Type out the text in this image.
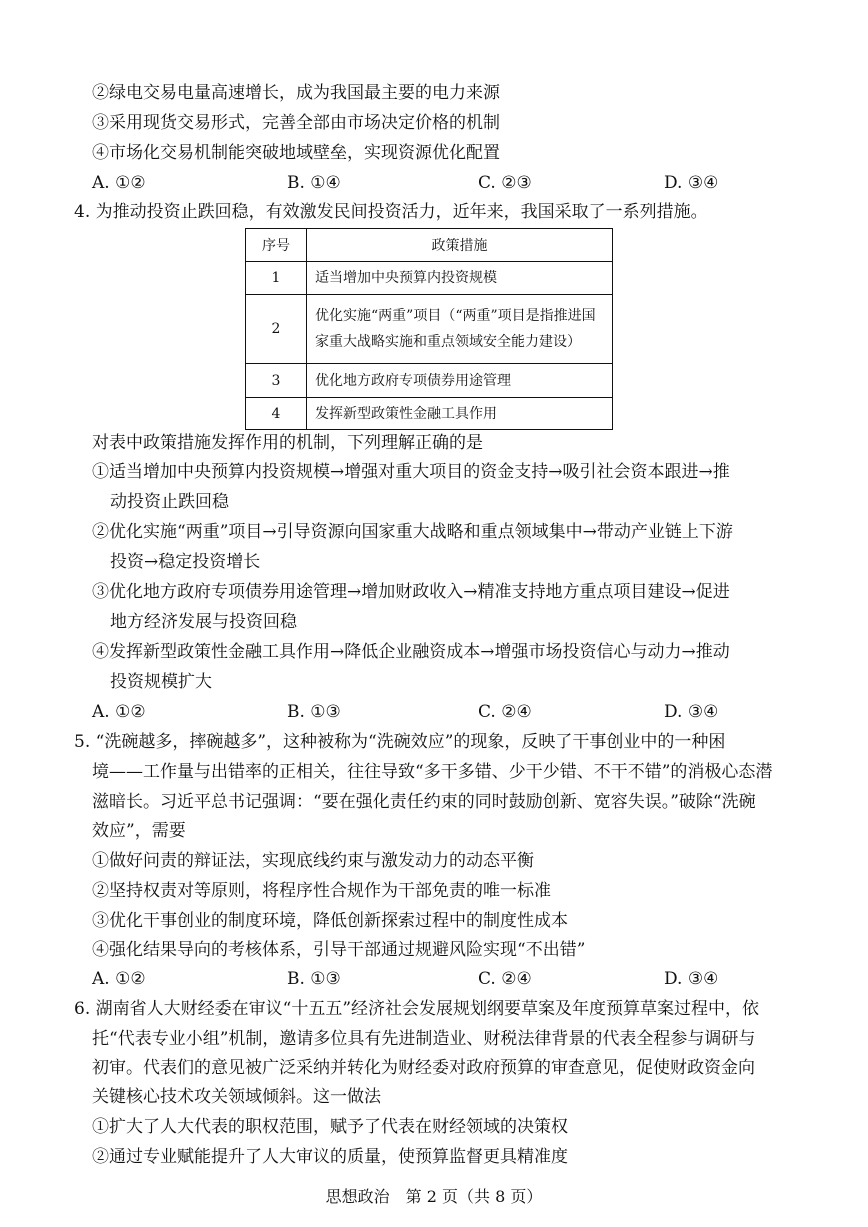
②绿电交易电量高速增长，成为我国最主要的电力来源
③采用现货交易形式，完善全部由市场决定价格的机制
④市场化交易机制能突破地域壁垒，实现资源优化配置
A. ①②	B. ①④	C. ②③	D. ③④
4. 为推动投资止跌回稳，有效激发民间投资活力，近年来，我国采取了一系列措施。
序号	政策措施
1	适当增加中央预算内投资规模
2	优化实施“两重”项目（“两重”项目是指推进国
家重大战略实施和重点领域安全能力建设）

3	优化地方政府专项债券用途管理
4	发挥新型政策性金融工具作用
对表中政策措施发挥作用的机制，下列理解正确的是
①适当增加中央预算内投资规模→增强对重大项目的资金支持→吸引社会资本跟进→推
动投资止跌回稳
②优化实施“两重”项目→引导资源向国家重大战略和重点领域集中→带动产业链上下游
投资→稳定投资增长
③优化地方政府专项债券用途管理→增加财政收入→精准支持地方重点项目建设→促进
地方经济发展与投资回稳
④发挥新型政策性金融工具作用→降低企业融资成本→增强市场投资信心与动力→推动
投资规模扩大
A. ①②	B. ①③	C. ②④	D. ③④
5. “洗碗越多，摔碗越多”，这种被称为“洗碗效应”的现象，反映了干事创业中的一种困
境——工作量与出错率的正相关，往往导致“多干多错、少干少错、不干不错”的消极心态潜
滋暗长。习近平总书记强调：“要在强化责任约束的同时鼓励创新、宽容失误。”破除“洗碗
效应”，需要
①做好问责的辩证法，实现底线约束与激发动力的动态平衡
②坚持权责对等原则，将程序性合规作为干部免责的唯一标准
③优化干事创业的制度环境，降低创新探索过程中的制度性成本
④强化结果导向的考核体系，引导干部通过规避风险实现“不出错”
A. ①②	B. ①③	C. ②④	D. ③④
6. 湖南省人大财经委在审议“十五五”经济社会发展规划纲要草案及年度预算草案过程中，依
托“代表专业小组”机制，邀请多位具有先进制造业、财税法律背景的代表全程参与调研与
初审。代表们的意见被广泛采纳并转化为财经委对政府预算的审查意见，促使财政资金向
关键核心技术攻关领域倾斜。这一做法
①扩大了人大代表的职权范围，赋予了代表在财经领域的决策权
②通过专业赋能提升了人大审议的质量，使预算监督更具精准度
思想政治　第 2 页（共 8 页）
